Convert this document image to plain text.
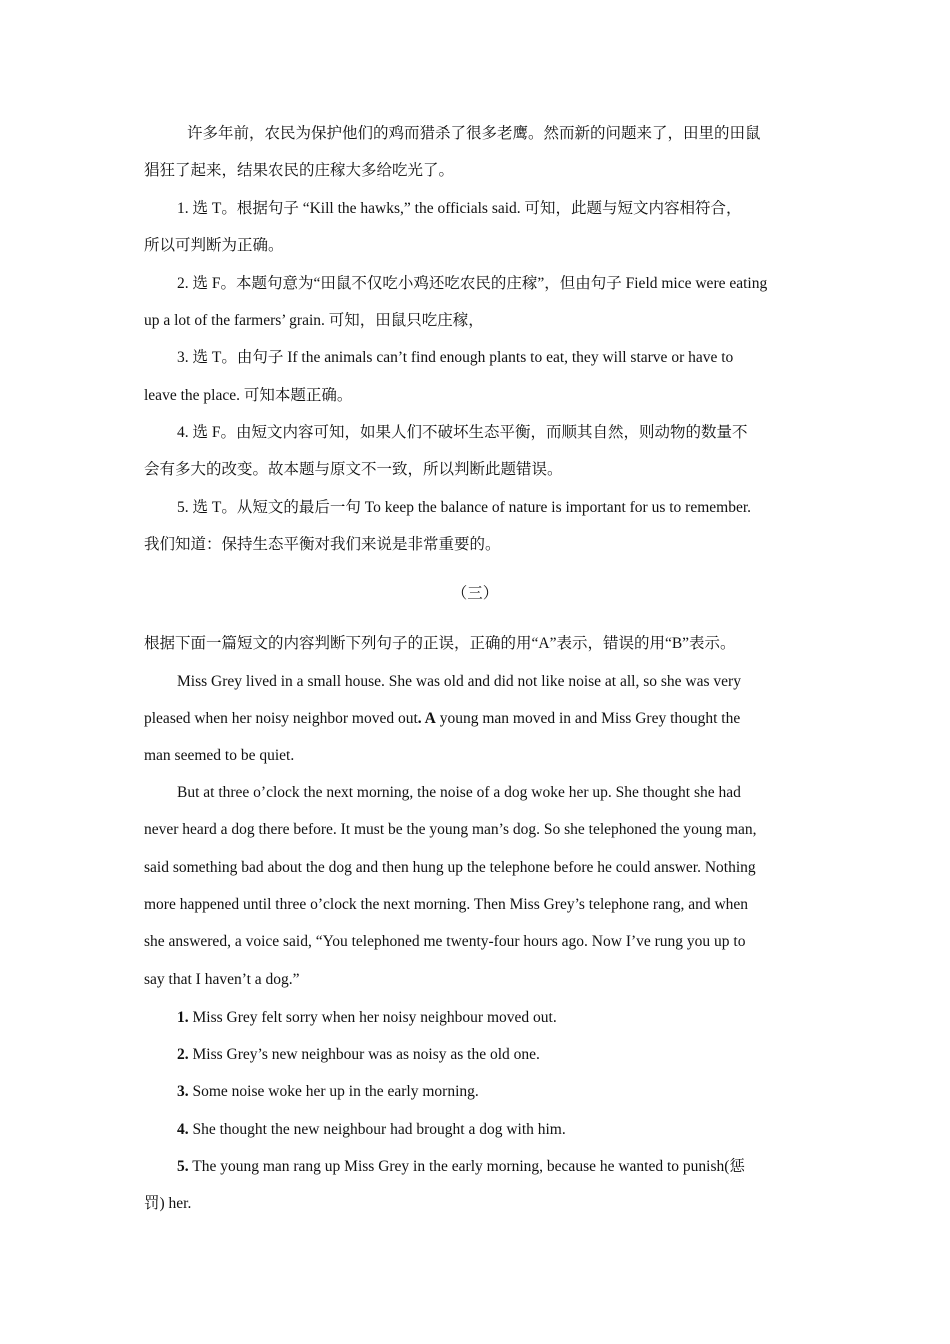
许多年前，农民为保护他们的鸡而猎杀了很多老鹰。然而新的问题来了，田里的田鼠
猖狂了起来，结果农民的庄稼大多给吃光了。
1. 选 T。根据句子 “Kill the hawks,” the officials said. 可知，此题与短文内容相符合，
所以可判断为正确。
2. 选 F。本题句意为“田鼠不仅吃小鸡还吃农民的庄稼”，但由句子 Field mice were eating
up a lot of the farmers’ grain. 可知，田鼠只吃庄稼，
3. 选 T。由句子 If the animals can’t find enough plants to eat, they will starve or have to
leave the place. 可知本题正确。
4. 选 F。由短文内容可知，如果人们不破坏生态平衡，而顺其自然，则动物的数量不
会有多大的改变。故本题与原文不一致，所以判断此题错误。
5. 选 T。从短文的最后一句 To keep the balance of nature is important for us to remember.
我们知道：保持生态平衡对我们来说是非常重要的。
（三）
根据下面一篇短文的内容判断下列句子的正误，正确的用“A”表示，错误的用“B”表示。
Miss Grey lived in a small house. She was old and did not like noise at all, so she was very
pleased when her noisy neighbor moved out. A young man moved in and Miss Grey thought the
man seemed to be quiet.
But at three o’clock the next morning, the noise of a dog woke her up. She thought she had
never heard a dog there before. It must be the young man’s dog. So she telephoned the young man,
said something bad about the dog and then hung up the telephone before he could answer. Nothing
more happened until three o’clock the next morning. Then Miss Grey’s telephone rang, and when
she answered, a voice said, “You telephoned me twenty-four hours ago. Now I’ve rung you up to
say that I haven’t a dog.”
1. Miss Grey felt sorry when her noisy neighbour moved out.
2. Miss Grey’s new neighbour was as noisy as the old one.
3. Some noise woke her up in the early morning.
4. She thought the new neighbour had brought a dog with him.
5. The young man rang up Miss Grey in the early morning, because he wanted to punish(惩
罚) her.
